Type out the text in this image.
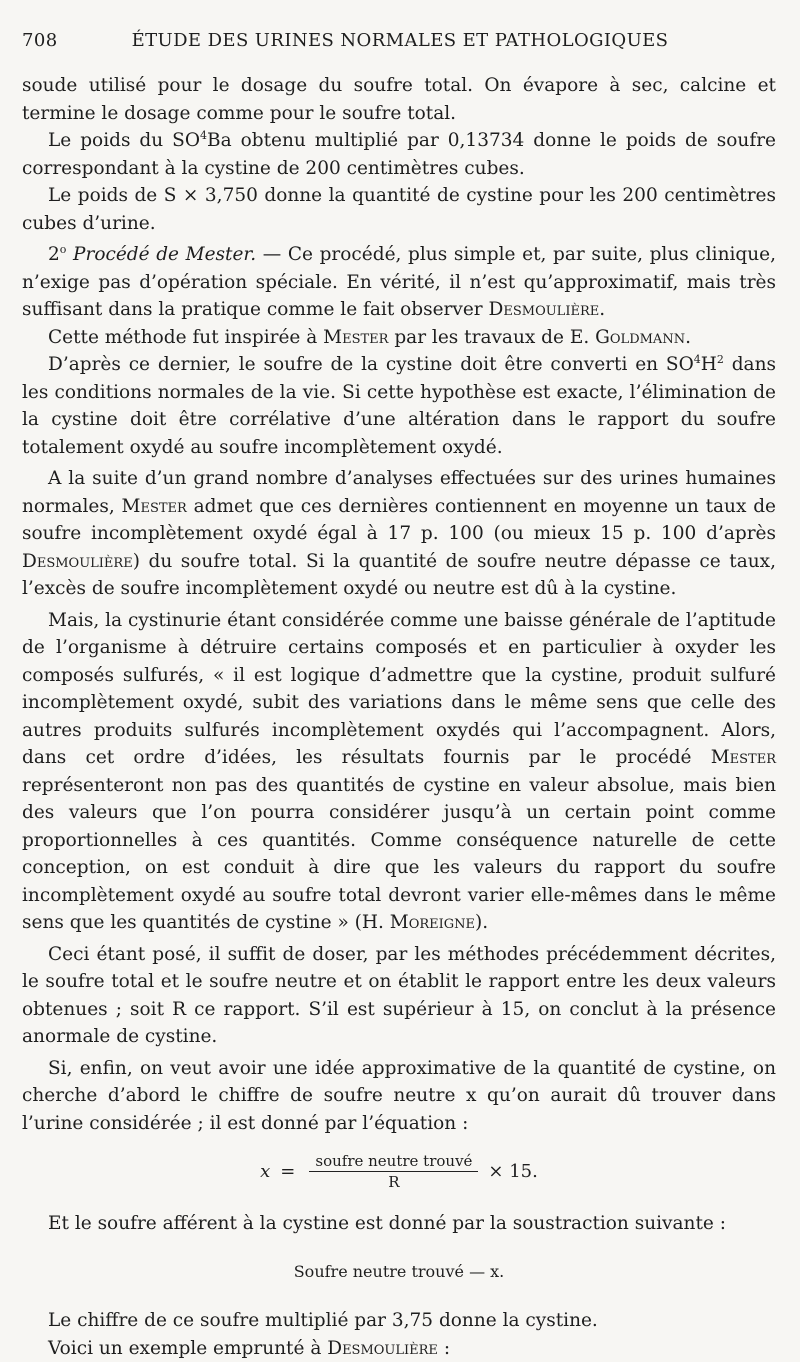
708	ÉTUDE DES URINES NORMALES ET PATHOLOGIQUES

soude utilisé pour le dosage du soufre total. On évapore à sec, calcine et termine le dosage comme pour le soufre total.

Le poids du $SO^4Ba$ obtenu multiplié par 0,13734 donne le poids de soufre correspondant à la cystine de 200 centimètres cubes.

Le poids de S × 3,750 donne la quantité de cystine pour les 200 centimètres cubes d’urine.

2$^o$ Procédé de Mester. — Ce procédé, plus simple et, par suite, plus clinique, n’exige pas d’opération spéciale. En vérité, il n’est qu’approximatif, mais très suffisant dans la pratique comme le fait observer Desmoulière.

Cette méthode fut inspirée à Mester par les travaux de E. Goldmann.

D’après ce dernier, le soufre de la cystine doit être converti en $SO^4H^2$ dans les conditions normales de la vie. Si cette hypothèse est exacte, l’élimination de la cystine doit être corrélative d’une altération dans le rapport du soufre totalement oxydé au soufre incomplètement oxydé.

A la suite d’un grand nombre d’analyses effectuées sur des urines humaines normales, Mester admet que ces dernières contiennent en moyenne un taux de soufre incomplètement oxydé égal à 17 p. 100 (ou mieux 15 p. 100 d’après Desmoulière) du soufre total. Si la quantité de soufre neutre dépasse ce taux, l’excès de soufre incomplètement oxydé ou neutre est dû à la cystine.

Mais, la cystinurie étant considérée comme une baisse générale de l’aptitude de l’organisme à détruire certains composés et en particulier à oxyder les composés sulfurés, « il est logique d’admettre que la cystine, produit sulfuré incomplètement oxydé, subit des variations dans le même sens que celle des autres produits sulfurés incomplètement oxydés qui l’accompagnent. Alors, dans cet ordre d’idées, les résultats fournis par le procédé Mester représenteront non pas des quantités de cystine en valeur absolue, mais bien des valeurs que l’on pourra considérer jusqu’à un certain point comme proportionnelles à ces quantités. Comme conséquence naturelle de cette conception, on est conduit à dire que les valeurs du rapport du soufre incomplètement oxydé au soufre total devront varier elle-mêmes dans le même sens que les quantités de cystine » (H. Moreigne).

Ceci étant posé, il suffit de doser, par les méthodes précédemment décrites, le soufre total et le soufre neutre et on établit le rapport entre les deux valeurs obtenues ; soit R ce rapport. S’il est supérieur à 15, on conclut à la présence anormale de cystine.

Si, enfin, on veut avoir une idée approximative de la quantité de cystine, on cherche d’abord le chiffre de soufre neutre x qu’on aurait dû trouver dans l’urine considérée ; il est donné par l’équation :

$x = \frac{\text{soufre neutre trouvé}}{R} \times 15$.

Et le soufre afférent à la cystine est donné par la soustraction suivante :

Soufre neutre trouvé — x.

Le chiffre de ce soufre multiplié par 3,75 donne la cystine.

Voici un exemple emprunté à Desmoulière :
